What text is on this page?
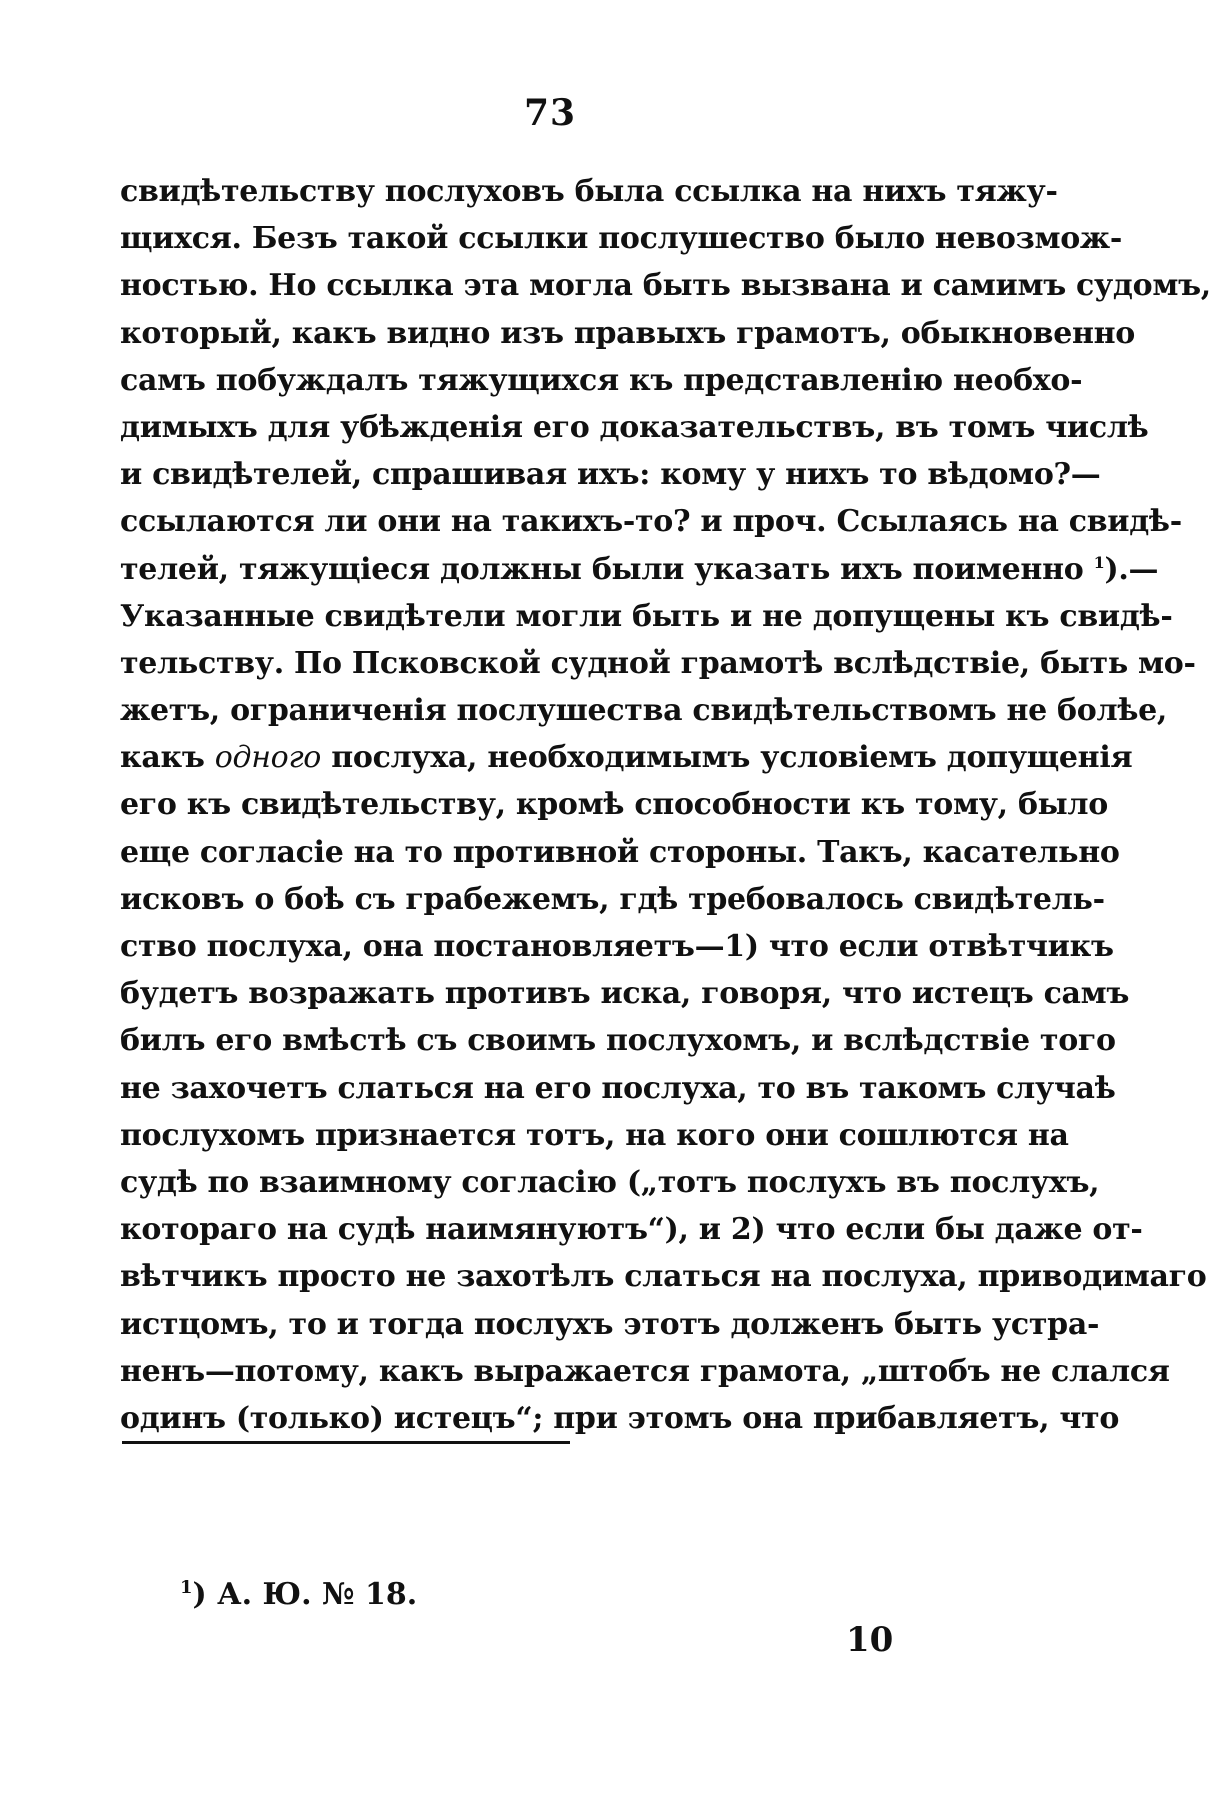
73
свидѣтельству послуховъ была ссылка на нихъ тяжу-
щихся. Безъ такой ссылки послушество было невозмож-
ностью. Но ссылка эта могла быть вызвана и самимъ судомъ,
который, какъ видно изъ правыхъ грамотъ, обыкновенно
самъ побуждалъ тяжущихся къ представленію необхо-
димыхъ для убѣжденія его доказательствъ, въ томъ числѣ
и свидѣтелей, спрашивая ихъ: кому у нихъ то вѣдомо?—
ссылаются ли они на такихъ-то? и проч. Ссылаясь на свидѣ-
телей, тяжущіеся должны были указать ихъ поименно $^1$).—
Указанные свидѣтели могли быть и не допущены къ свидѣ-
тельству. По Псковской судной грамотѣ вслѣдствіе, быть мо-
жетъ, ограниченія послушества свидѣтельствомъ не болѣе,
какъ одного послуха, необходимымъ условіемъ допущенія
его къ свидѣтельству, кромѣ способности къ тому, было
еще согласіе на то противной стороны. Такъ, касательно
исковъ о боѣ съ грабежемъ, гдѣ требовалось свидѣтель-
ство послуха, она постановляетъ—1) что если отвѣтчикъ
будетъ возражать противъ иска, говоря, что истецъ самъ
билъ его вмѣстѣ съ своимъ послухомъ, и вслѣдствіе того
не захочетъ слаться на его послуха, то въ такомъ случаѣ
послухомъ признается тотъ, на кого они сошлются на
судѣ по взаимному согласію („тотъ послухъ въ послухъ,
котораго на судѣ наимянуютъ“), и 2) что если бы даже от-
вѣтчикъ просто не захотѣлъ слаться на послуха, приводимаго
истцомъ, то и тогда послухъ этотъ долженъ быть устра-
ненъ—потому, какъ выражается грамота, „штобъ не слался
одинъ (только) истецъ“; при этомъ она прибавляетъ, что
$^1$) А. Ю. № 18.
10
